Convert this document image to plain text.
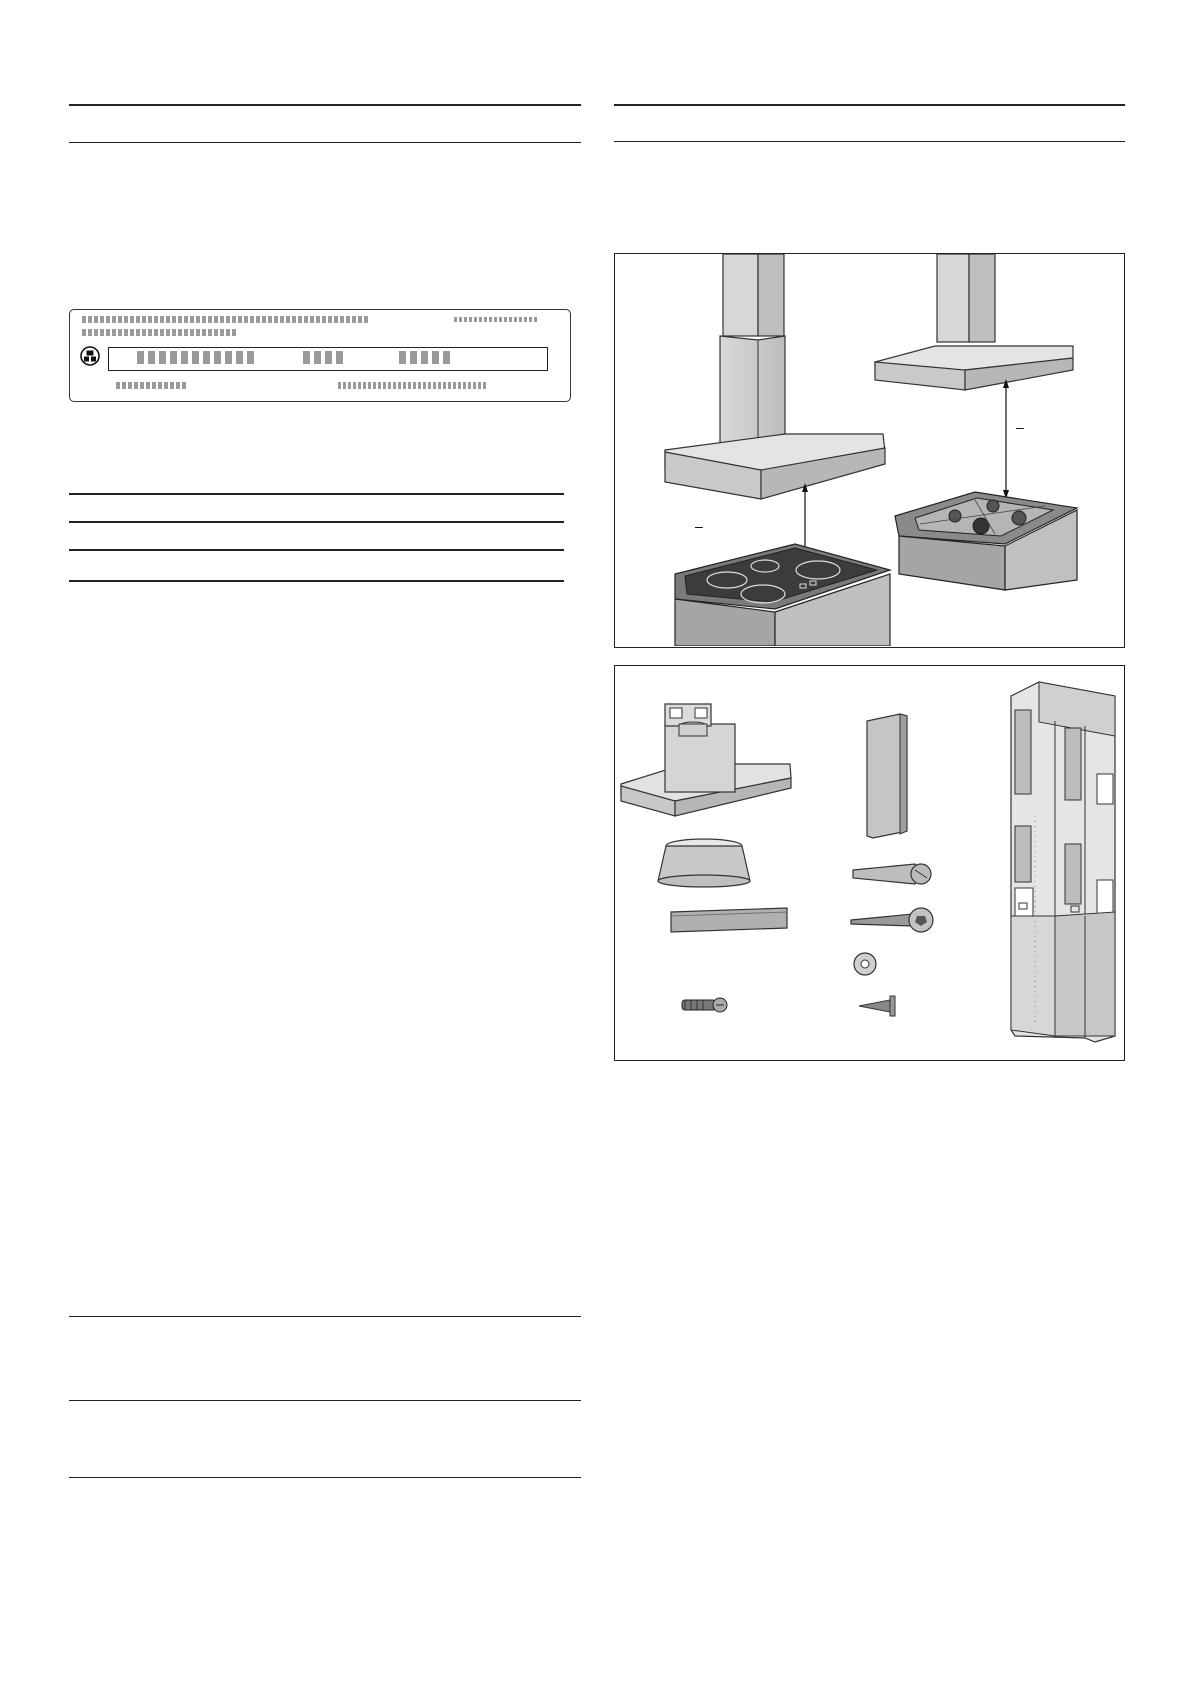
–
–
